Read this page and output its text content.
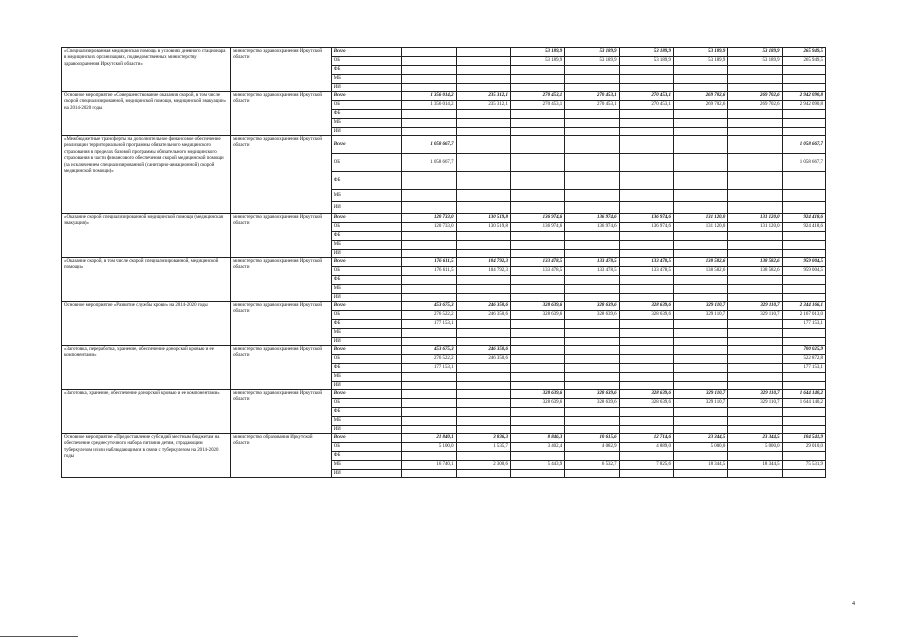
«Специализированная медицинская помощь в условиях дневного стационара в медицинских организациях, подведомственных министерству здравоохранения Иркутской области»	министерство здравоохранения Иркутской области	Всего			53 189,9	53 189,9	53 189,9	53 189,9	53 189,9	265 949,5
		ОБ			53 189,9	53 189,9	53 189,9	53 189,9	53 189,9	265 949,5
		ФБ								
		МБ								
		ИИ								
Основное мероприятие «Совершенствование оказания скорой, в том числе скорой специализированной, медицинской помощи, медицинской эвакуации» на 2014-2020 годы	министерство здравоохранения Иркутской области	Всего	1 356 014,2	235 312,1	270 453,1	270 453,1	270 453,1	269 702,6	269 702,6	2 942 090,8
		ОБ	1 356 014,2	235 312,1	270 453,1	270 453,1	270 453,1	269 702,6	269 702,6	2 942 090,8
		ФБ								
		МБ								
		ИИ								
«Межбюджетные трансферты на дополнительное финансовое обеспечение реализации территориальной программы обязательного медицинского страхования в пределах базовой программы обязательного медицинского страхования в части финансового обеспечения скорой медицинской помощи (за исключением специализированной (санитарно-авиационной) скорой медицинской помощи)»	министерство здравоохранения Иркутской области	Всего	1 058 667,7							1 058 667,7
		ОБ	1 058 667,7							1 058 667,7
		ФБ								
		МБ								
		ИИ								
«Оказание скорой специализированной медицинской помощи (медицинская эвакуация)»	министерство здравоохранения Иркутской области	Всего	120 733,0	130 519,8	136 974,6	136 974,6	136 974,6	131 120,0	131 120,0	924 418,6
		ОБ	120 733,0	130 519,8	136 974,6	136 974,6	136 974,6	131 120,0	131 120,0	924 418,6
		ФБ								
		МБ								
		ИИ								
«Оказание скорой, в том числе скорой специализированной, медицинской помощи»	министерство здравоохранения Иркутской области	Всего	176 611,5	104 792,3	133 478,5	133 478,5	133 478,5	138 582,6	138 582,6	959 004,5
		ОБ	176 611,5	104 792,3	133 478,5	133 478,5	133 478,5	138 582,6	138 582,6	959 004,5
		ФБ								
		МБ								
		ИИ								
Основное мероприятие «Развитие службы крови» на 2014-2020 годы	министерство здравоохранения Иркутской области	Всего	453 675,3	246 350,6	328 639,6	328 639,6	328 639,6	329 110,7	329 110,7	2 344 166,1
		ОБ	276 522,2	246 350,6	328 639,6	328 639,6	328 639,6	329 110,7	329 110,7	2 167 013,0
		ФБ	177 153,1							177 153,1
		МБ								
		ИИ								
«Заготовка, переработка, хранение, обеспечение донорской кровью и ее компонентами»	министерство здравоохранения Иркутской области	Всего	453 675,3	246 350,6						700 025,9
		ОБ	276 522,2	246 350,6						522 872,8
		ФБ	177 153,1							177 153,1
		МБ								
		ИИ								
«Заготовка, хранение, обеспечение донорской кровью и ее компонентами»	министерство здравоохранения Иркутской области	Всего			328 639,6	328 639,6	328 639,6	329 110,7	329 110,7	1 644 140,2
		ОБ			328 639,6	328 639,6	328 639,6	329 110,7	329 110,7	1 644 140,2
		ФБ								
		МБ								
		ИИ								
Основное мероприятие «Предоставление субсидий местным бюджетам на обеспечение среднесуточного набора питания детям, страдающим туберкулезом и/или наблюдающимся в связи с туберкулезом на 2014-2020 годы	министерство образования Иркутской области	Всего	21 840,1	3 836,3	8 846,3	10 615,6	12 714,6	23 344,5	23 344,5	104 541,9
		ОБ	5 100,0	1 535,7	3 402,4	4 082,9	4 889,0	5 000,0	5 000,0	29 010,0
		ФБ								
		МБ	16 740,1	2 300,6	5 443,9	6 532,7	7 825,6	18 344,5	18 344,5	75 531,9
		ИИ								
4
